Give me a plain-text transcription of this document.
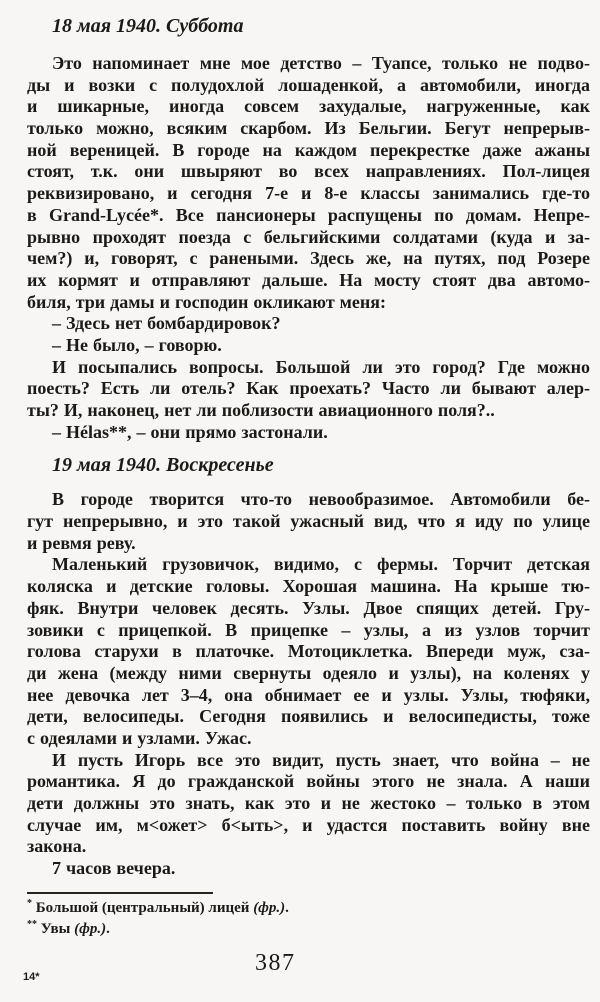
18 мая 1940. Суббота
Это напоминает мне мое детство – Туапсе, только не подво-
ды и возки с полудохлой лошаденкой, а автомобили, иногда
и шикарные, иногда совсем захудалые, нагруженные, как
только можно, всяким скарбом. Из Бельгии. Бегут непрерыв-
ной вереницей. В городе на каждом перекрестке даже ажаны
стоят, т.к. они швыряют во всех направлениях. Пол-лицея
реквизировано, и сегодня 7-е и 8-е классы занимались где-то
в Grand-Lycée*. Все пансионеры распущены по домам. Непре-
рывно проходят поезда с бельгийскими солдатами (куда и за-
чем?) и, говорят, с ранеными. Здесь же, на путях, под Розере
их кормят и отправляют дальше. На мосту стоят два автомо-
биля, три дамы и господин окликают меня:
– Здесь нет бомбардировок?
– Не было, – говорю.
И посыпались вопросы. Большой ли это город? Где можно
поесть? Есть ли отель? Как проехать? Часто ли бывают алер-
ты? И, наконец, нет ли поблизости авиационного поля?..
– Hélas**, – они прямо застонали.
19 мая 1940. Воскресенье
В городе творится что-то невообразимое. Автомобили бе-
гут непрерывно, и это такой ужасный вид, что я иду по улице
и ревмя реву.
Маленький грузовичок, видимо, с фермы. Торчит детская
коляска и детские головы. Хорошая машина. На крыше тю-
фяк. Внутри человек десять. Узлы. Двое спящих детей. Гру-
зовики с прицепкой. В прицепке – узлы, а из узлов торчит
голова старухи в платочке. Мотоциклетка. Впереди муж, сза-
ди жена (между ними свернуты одеяло и узлы), на коленях у
нее девочка лет 3–4, она обнимает ее и узлы. Узлы, тюфяки,
дети, велосипеды. Сегодня появились и велосипедисты, тоже
с одеялами и узлами. Ужас.
И пусть Игорь все это видит, пусть знает, что война – не
романтика. Я до гражданской войны этого не знала. А наши
дети должны это знать, как это и не жестоко – только в этом
случае им, м<ожет> б<ыть>, и удастся поставить войну вне
закона.
7 часов вечера.
* Большой (центральный) лицей (фр.).
** Увы (фр.).
387
14*
